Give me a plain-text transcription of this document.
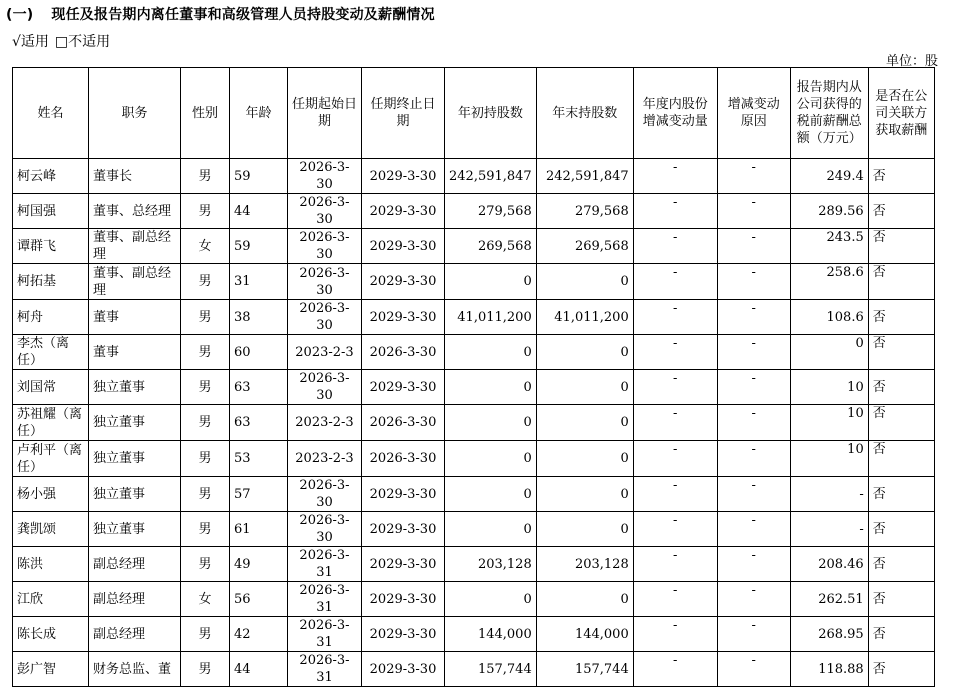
(一) 现任及报告期内离任董事和高级管理人员持股变动及薪酬情况
√适用 □不适用
单位：股
姓名	职务	性别	年龄	任期起始日期	任期终止日期	年初持股数	年末持股数	年度内股份增减变动量	增减变动原因	报告期内从公司获得的税前薪酬总额（万元）	是否在公司关联方获取薪酬
柯云峰	董事长	男	59	2026-3-30	2029-3-30	242,591,847	242,591,847	-	-	249.4	否
柯国强	董事、总经理	男	44	2026-3-30	2029-3-30	279,568	279,568	-	-	289.56	否
谭群飞	董事、副总经理	女	59	2026-3-30	2029-3-30	269,568	269,568	-	-	243.5	否
柯拓基	董事、副总经理	男	31	2026-3-30	2029-3-30	0	0	-	-	258.6	否
柯舟	董事	男	38	2026-3-30	2029-3-30	41,011,200	41,011,200	-	-	108.6	否
李杰（离任）	董事	男	60	2023-2-3	2026-3-30	0	0	-	-	0	否
刘国常	独立董事	男	63	2026-3-30	2029-3-30	0	0	-	-	10	否
苏祖耀（离任）	独立董事	男	63	2023-2-3	2026-3-30	0	0	-	-	10	否
卢利平（离任）	独立董事	男	53	2023-2-3	2026-3-30	0	0	-	-	10	否
杨小强	独立董事	男	57	2026-3-30	2029-3-30	0	0	-	-	-	否
龚凯颂	独立董事	男	61	2026-3-30	2029-3-30	0	0	-	-	-	否
陈洪	副总经理	男	49	2026-3-31	2029-3-30	203,128	203,128	-	-	208.46	否
江欣	副总经理	女	56	2026-3-31	2029-3-30	0	0	-	-	262.51	否
陈长成	副总经理	男	42	2026-3-31	2029-3-30	144,000	144,000	-	-	268.95	否
彭广智	财务总监、董	男	44	2026-3-31	2029-3-30	157,744	157,744	-	-	118.88	否
